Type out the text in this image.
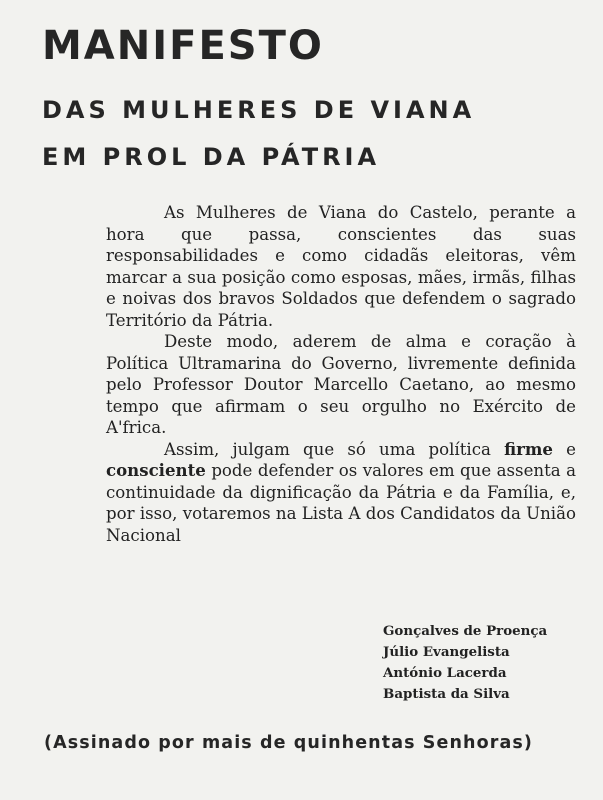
MANIFESTO
DAS MULHERES DE VIANA
EM PROL DA PÁTRIA

As Mulheres de Viana do Castelo, perante a hora que passa, conscientes das suas responsabilidades e como cidadãs eleitoras, vêm marcar a sua posição como esposas, mães, irmãs, filhas e noivas dos bravos Soldados que defendem o sagrado Território da Pátria.

Deste modo, aderem de alma e coração à Política Ultramarina do Governo, livremente definida pelo Professor Doutor Marcello Caetano, ao mesmo tempo que afirmam o seu orgulho no Exército de A'frica.

Assim, julgam que só uma política firme e consciente pode defender os valores em que assenta a continuidade da dignificação da Pátria e da Família, e, por isso, votaremos na Lista A dos Candidatos da União Nacional

Gonçalves de Proença
Júlio Evangelista
António Lacerda
Baptista da Silva
(Assinado por mais de quinhentas Senhoras)
